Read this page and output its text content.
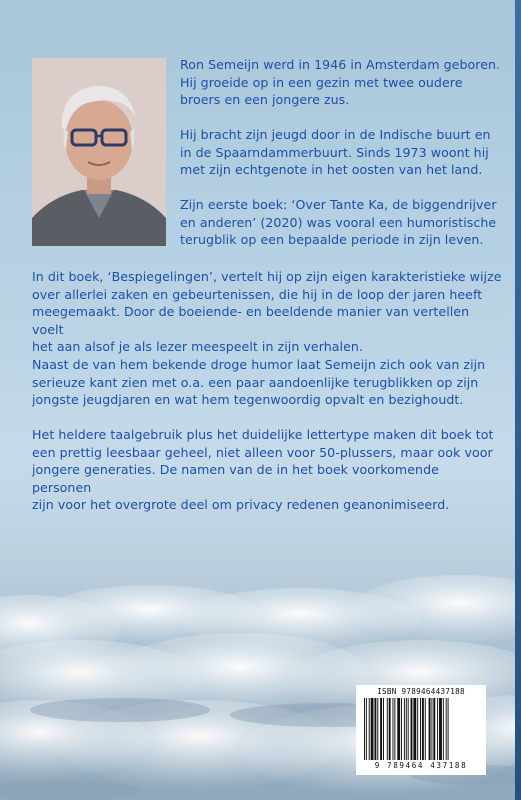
Ron Semeijn werd in 1946 in Amsterdam geboren.
Hij groeide op in een gezin met twee oudere
broers en een jongere zus.

Hij bracht zijn jeugd door in de Indische buurt en
in de Spaarndammerbuurt. Sinds 1973 woont hij
met zijn echtgenote in het oosten van het land.

Zijn eerste boek: ‘Over Tante Ka, de biggendrijver
en anderen’ (2020) was vooral een humoristische
terugblik op een bepaalde periode in zijn leven.

In dit boek, ‘Bespiegelingen’, vertelt hij op zijn eigen karakteristieke wijze
over allerlei zaken en gebeurtenissen, die hij in de loop der jaren heeft
meegemaakt. Door de boeiende- en beeldende manier van vertellen voelt
het aan alsof je als lezer meespeelt in zijn verhalen.

Naast de van hem bekende droge humor laat Semeijn zich ook van zijn
serieuze kant zien met o.a. een paar aandoenlijke terugblikken op zijn
jongste jeugdjaren en wat hem tegenwoordig opvalt en bezighoudt.

Het heldere taalgebruik plus het duidelijke lettertype maken dit boek tot
een prettig leesbaar geheel, niet alleen voor 50-plussers, maar ook voor
jongere generaties. De namen van de in het boek voorkomende personen
zijn voor het overgrote deel om privacy redenen geanonimiseerd.

ISBN 9789464437188
9 789464 437188
